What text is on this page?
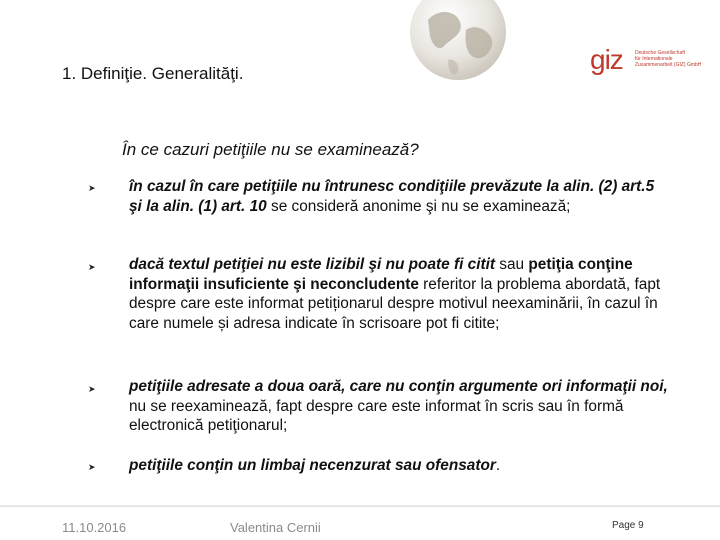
1. Definiţie. Generalităţi.	giz Deutsche Gesellschaft
für Internationale
Zusammenarbeit (GIZ) GmbH
În ce cazuri petiţiile nu se examinează?
➤ în cazul în care petiţiile nu întrunesc condiţiile prevăzute la alin. (2) art.5 şi la alin. (1) art. 10 se consideră anonime şi nu se examinează;
➤ dacă textul petiţiei nu este lizibil şi nu poate fi citit sau petiţia conţine informaţii insuficiente şi neconcludente referitor la problema abordată, fapt despre care este informat petiționarul despre motivul neexaminării, în cazul în care numele și adresa indicate în scrisoare pot fi citite;
➤ petiţiile adresate a doua oară, care nu conţin argumente ori informaţii noi, nu se reexaminează, fapt despre care este informat în scris sau în formă electronică petiţionarul;
➤ petiţiile conţin un limbaj necenzurat sau ofensator.
11.10.2016	Valentina Cernii	Page 9
